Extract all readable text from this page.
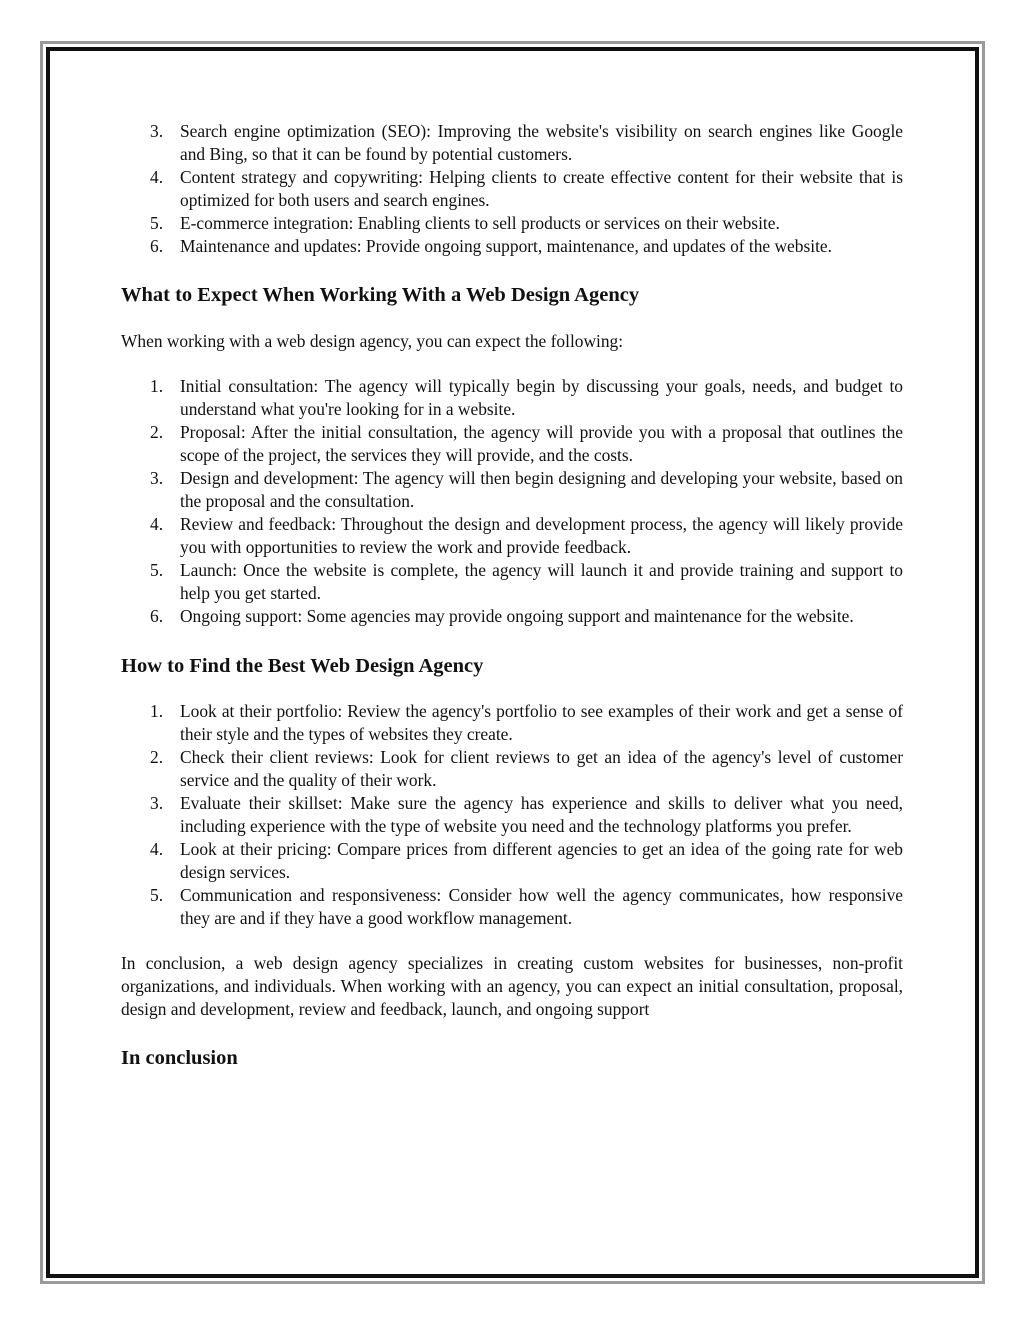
3. Search engine optimization (SEO): Improving the website's visibility on search engines like Google and Bing, so that it can be found by potential customers.
4. Content strategy and copywriting: Helping clients to create effective content for their website that is optimized for both users and search engines.
5. E-commerce integration: Enabling clients to sell products or services on their website.
6. Maintenance and updates: Provide ongoing support, maintenance, and updates of the website.
What to Expect When Working With a Web Design Agency

When working with a web design agency, you can expect the following:

1. Initial consultation: The agency will typically begin by discussing your goals, needs, and budget to understand what you're looking for in a website.
2. Proposal: After the initial consultation, the agency will provide you with a proposal that outlines the scope of the project, the services they will provide, and the costs.
3. Design and development: The agency will then begin designing and developing your website, based on the proposal and the consultation.
4. Review and feedback: Throughout the design and development process, the agency will likely provide you with opportunities to review the work and provide feedback.
5. Launch: Once the website is complete, the agency will launch it and provide training and support to help you get started.
6. Ongoing support: Some agencies may provide ongoing support and maintenance for the website.
How to Find the Best Web Design Agency
1. Look at their portfolio: Review the agency's portfolio to see examples of their work and get a sense of their style and the types of websites they create.
2. Check their client reviews: Look for client reviews to get an idea of the agency's level of customer service and the quality of their work.
3. Evaluate their skillset: Make sure the agency has experience and skills to deliver what you need, including experience with the type of website you need and the technology platforms you prefer.
4. Look at their pricing: Compare prices from different agencies to get an idea of the going rate for web design services.
5. Communication and responsiveness: Consider how well the agency communicates, how responsive they are and if they have a good workflow management.

In conclusion, a web design agency specializes in creating custom websites for businesses, non-profit organizations, and individuals. When working with an agency, you can expect an initial consultation, proposal, design and development, review and feedback, launch, and ongoing support

In conclusion
